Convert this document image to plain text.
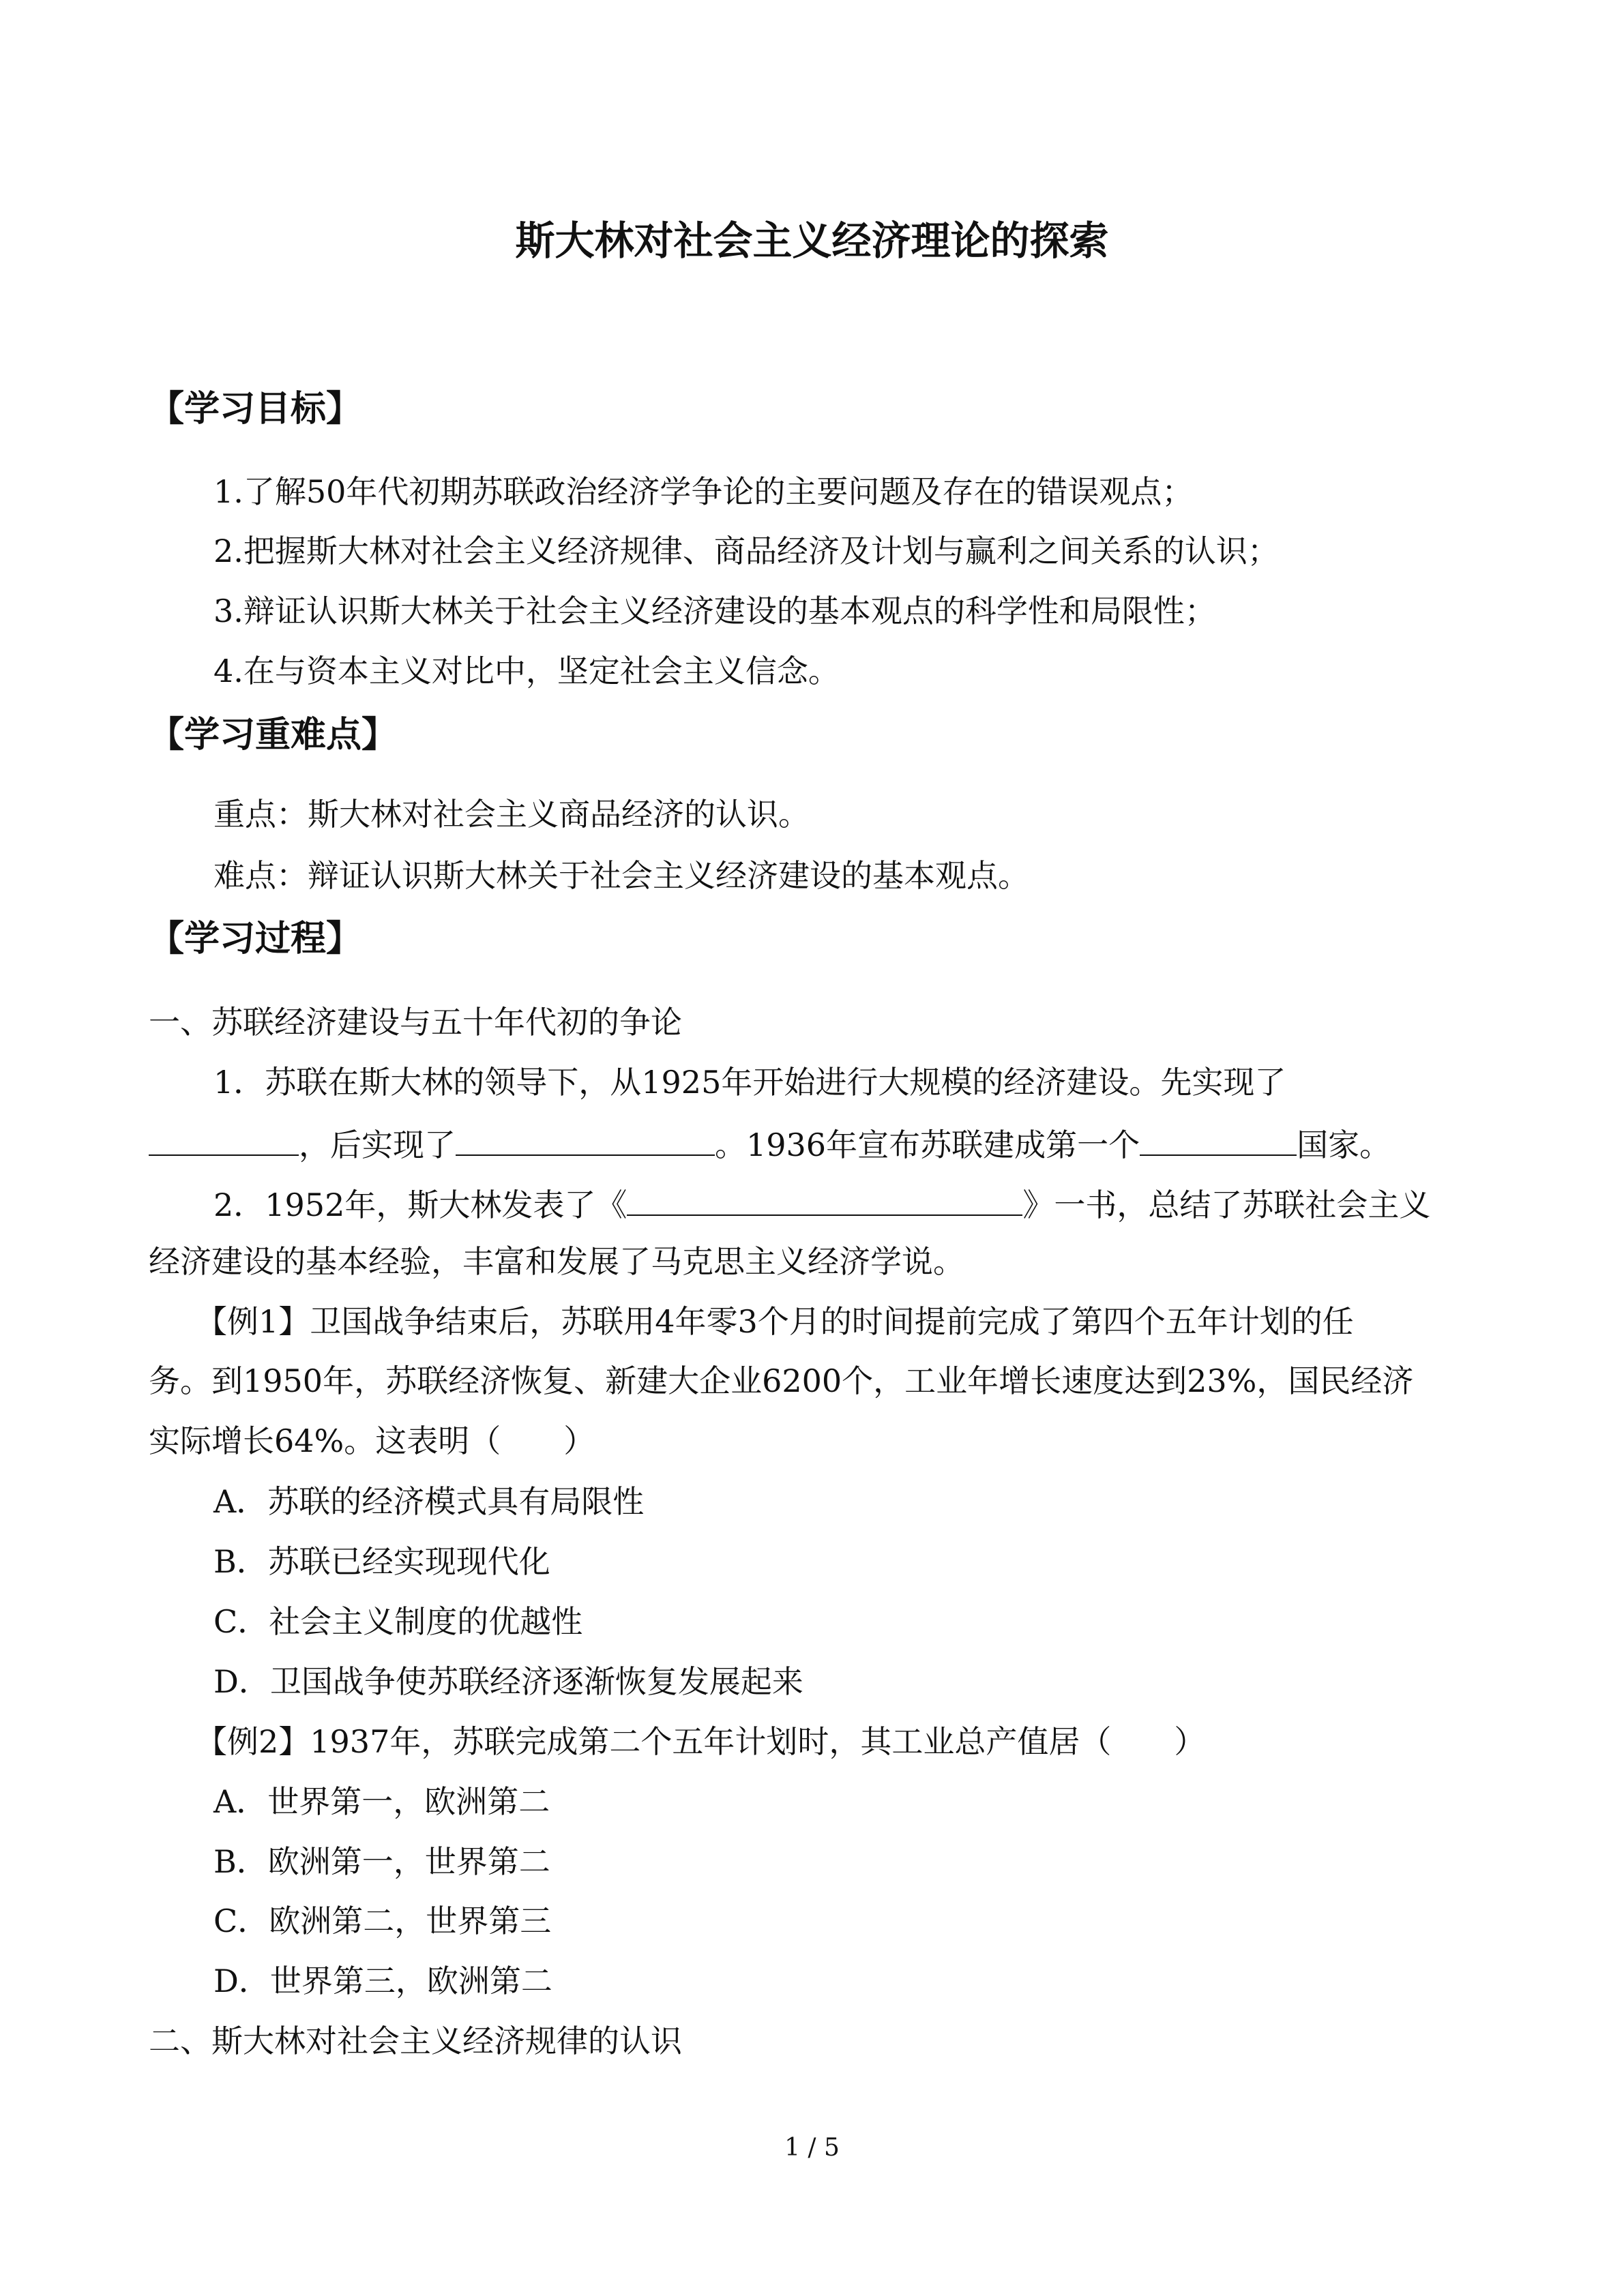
斯大林对社会主义经济理论的探索
【学习目标】
1.了解50年代初期苏联政治经济学争论的主要问题及存在的错误观点；
2.把握斯大林对社会主义经济规律、商品经济及计划与赢利之间关系的认识；
3.辩证认识斯大林关于社会主义经济建设的基本观点的科学性和局限性；
4.在与资本主义对比中，坚定社会主义信念。
【学习重难点】
重点：斯大林对社会主义商品经济的认识。
难点：辩证认识斯大林关于社会主义经济建设的基本观点。
【学习过程】
一、苏联经济建设与五十年代初的争论
1．苏联在斯大林的领导下，从1925年开始进行大规模的经济建设。先实现了
，后实现了	。1936年宣布苏联建成第一个	国家。
2．1952年，斯大林发表了《	》一书，总结了苏联社会主义
经济建设的基本经验，丰富和发展了马克思主义经济学说。
【例1】卫国战争结束后，苏联用4年零3个月的时间提前完成了第四个五年计划的任
务。到1950年，苏联经济恢复、新建大企业6200个，工业年增长速度达到23%，国民经济
实际增长64%。这表明（　　）
A．苏联的经济模式具有局限性
B．苏联已经实现现代化
C．社会主义制度的优越性
D．卫国战争使苏联经济逐渐恢复发展起来
【例2】1937年，苏联完成第二个五年计划时，其工业总产值居（　　）
A．世界第一，欧洲第二
B．欧洲第一，世界第二
C．欧洲第二，世界第三
D．世界第三，欧洲第二
二、斯大林对社会主义经济规律的认识
1 / 5
